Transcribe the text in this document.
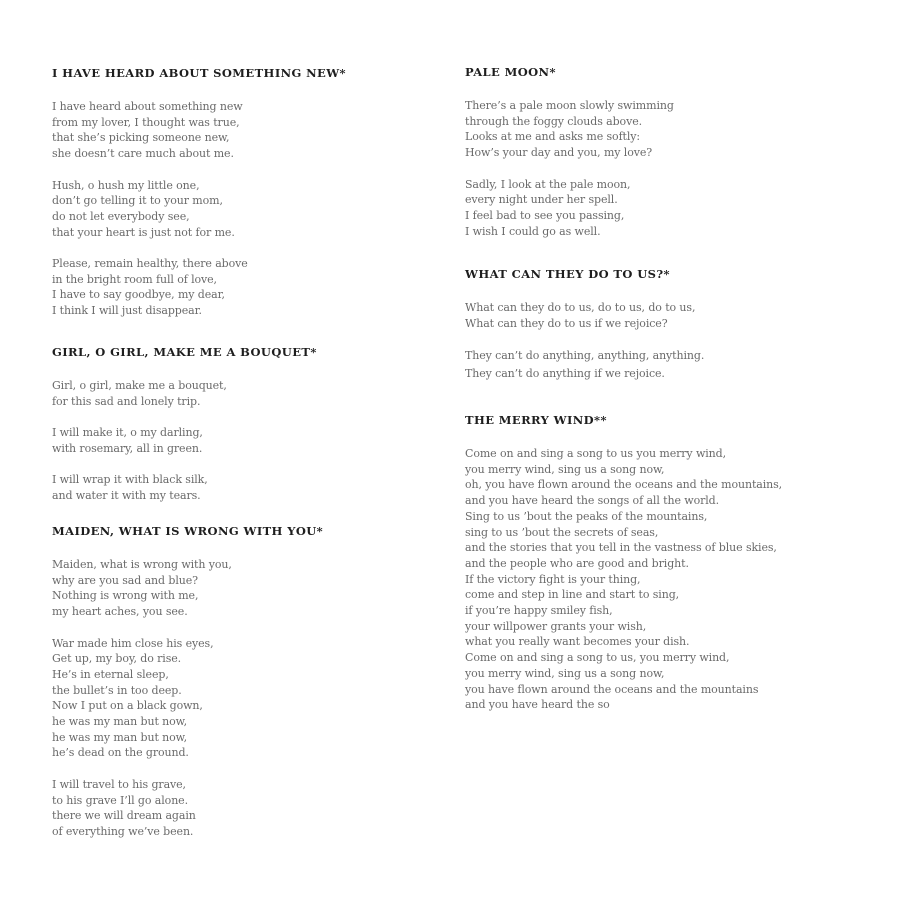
I HAVE HEARD ABOUT SOMETHING NEW*

I have heard about something new
from my lover, I thought was true,
that she’s picking someone new,
she doesn’t care much about me.

Hush, o hush my little one,
don’t go telling it to your mom,
do not let everybody see,
that your heart is just not for me.

Please, remain healthy, there above
in the bright room full of love,
I have to say goodbye, my dear,
I think I will just disappear.

GIRL, O GIRL, MAKE ME A BOUQUET*

Girl, o girl, make me a bouquet,
for this sad and lonely trip.

I will make it, o my darling,
with rosemary, all in green.

I will wrap it with black silk,
and water it with my tears.

MAIDEN, WHAT IS WRONG WITH YOU*

Maiden, what is wrong with you,
why are you sad and blue?
Nothing is wrong with me,
my heart aches, you see.

War made him close his eyes,
Get up, my boy, do rise.
He’s in eternal sleep,
the bullet’s in too deep.
Now I put on a black gown,
he was my man but now,
he was my man but now,
he’s dead on the ground.

I will travel to his grave,
to his grave I’ll go alone.
there we will dream again
of everything we’ve been.

PALE MOON*

There’s a pale moon slowly swimming
through the foggy clouds above.
Looks at me and asks me softly:
How’s your day and you, my love?

Sadly, I look at the pale moon,
every night under her spell.
I feel bad to see you passing,
I wish I could go as well.

WHAT CAN THEY DO TO US?*

What can they do to us, do to us, do to us,
What can they do to us if we rejoice?

They can’t do anything, anything, anything.
They can’t do anything if we rejoice.

THE MERRY WIND**

Come on and sing a song to us you merry wind,
you merry wind, sing us a song now,
oh, you have flown around the oceans and the mountains,
and you have heard the songs of all the world.
Sing to us ’bout the peaks of the mountains,
sing to us ’bout the secrets of seas,
and the stories that you tell in the vastness of blue skies,
and the people who are good and bright.
If the victory fight is your thing,
come and step in line and start to sing,
if you’re happy smiley fish,
your willpower grants your wish,
what you really want becomes your dish.
Come on and sing a song to us, you merry wind,
you merry wind, sing us a song now,
you have flown around the oceans and the mountains
and you have heard the so
